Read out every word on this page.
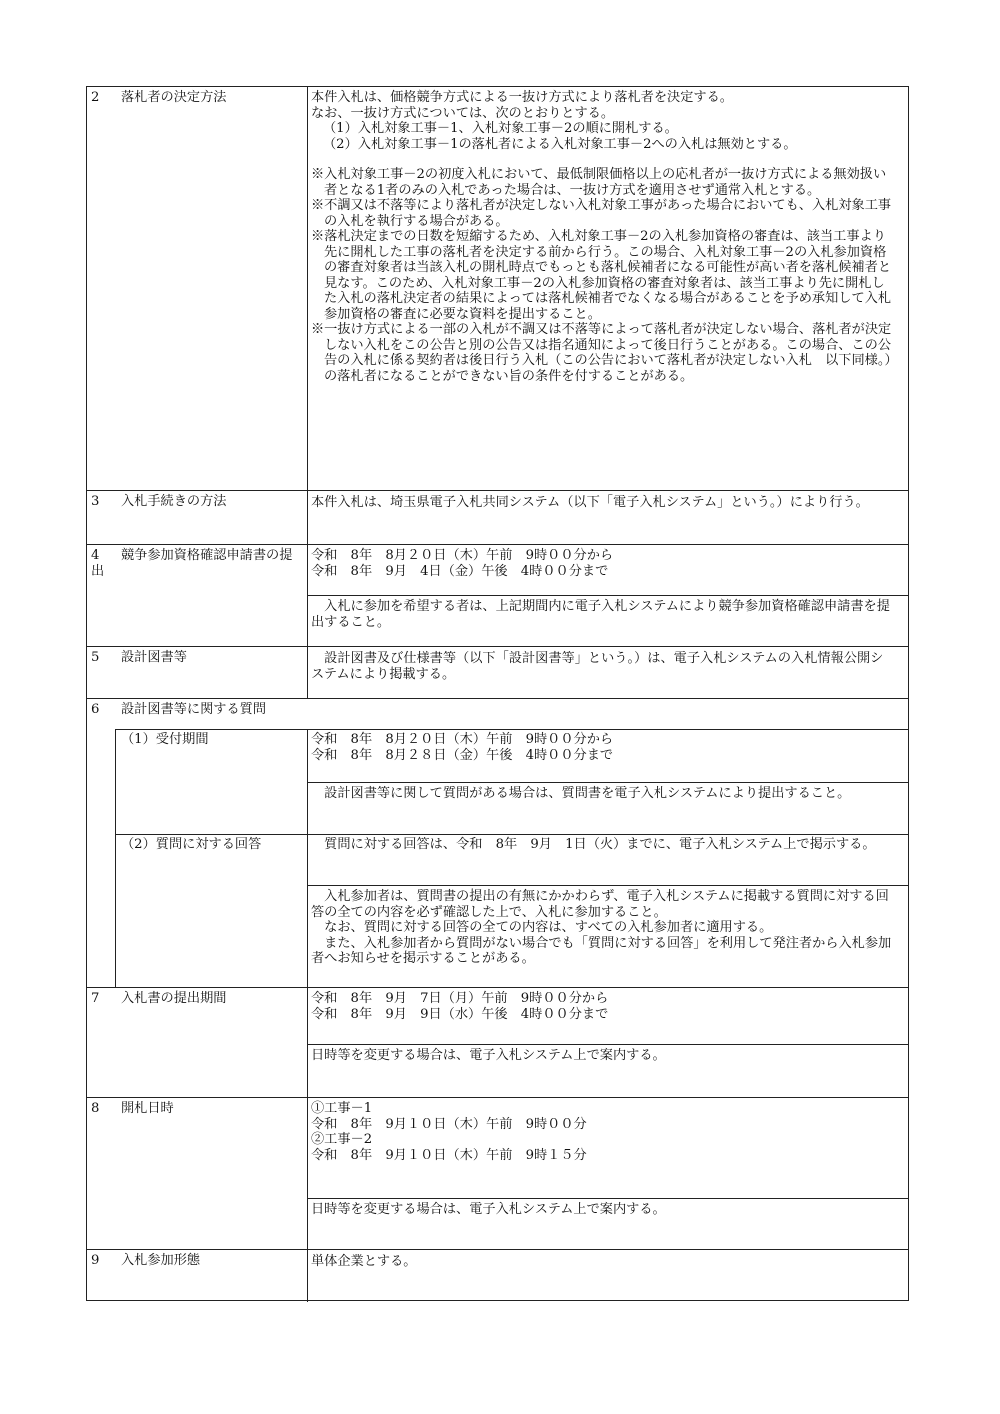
2 落札者の決定方法	本件入札は、価格競争方式による一抜け方式により落札者を決定する。

なお、一抜け方式については、次のとおりとする。

（1）入札対象工事－1、入札対象工事－2の順に開札する。

（2）入札対象工事－1の落札者による入札対象工事－2への入札は無効とする。

※入札対象工事－2の初度入札において、最低制限価格以上の応札者が一抜け方式による無効扱い者となる1者のみの入札であった場合は、一抜け方式を適用させず通常入札とする。

※不調又は不落等により落札者が決定しない入札対象工事があった場合においても、入札対象工事の入札を執行する場合がある。

※落札決定までの日数を短縮するため、入札対象工事－2の入札参加資格の審査は、該当工事より先に開札した工事の落札者を決定する前から行う。この場合、入札対象工事－2の入札参加資格の審査対象者は当該入札の開札時点でもっとも落札候補者になる可能性が高い者を落札候補者と見なす。このため、入札対象工事－2の入札参加資格の審査対象者は、該当工事より先に開札した入札の落札決定者の結果によっては落札候補者でなくなる場合があることを予め承知して入札参加資格の審査に必要な資料を提出すること。

※一抜け方式による一部の入札が不調又は不落等によって落札者が決定しない場合、落札者が決定しない入札をこの公告と別の公告又は指名通知によって後日行うことがある。この場合、この公告の入札に係る契約者は後日行う入札（この公告において落札者が決定しない入札　以下同様。）の落札者になることができない旨の条件を付することがある。

3 入札手続きの方法	本件入札は、埼玉県電子入札共同システム（以下「電子入札システム」という。）により行う。
4 競争参加資格確認申請書の提出

令和　8年　8月２０日（木）午前　9時００分から

令和　8年　9月　4日（金）午後　4時００分まで

　入札に参加を希望する者は、上記期間内に電子入札システムにより競争参加資格確認申請書を提出すること。
5 設計図書等	　設計図書及び仕様書等（以下「設計図書等」という。）は、電子入札システムの入札情報公開システムにより掲載する。
6 設計図書等に関する質問
（1）受付期間	令和　8年　8月２０日（木）午前　9時００分から

令和　8年　8月２８日（金）午後　4時００分まで

　設計図書等に関して質問がある場合は、質問書を電子入札システムにより提出すること。
（2）質問に対する回答	　質問に対する回答は、令和　8年　9月　1日（火）までに、電子入札システム上で掲示する。

　入札参加者は、質問書の提出の有無にかかわらず、電子入札システムに掲載する質問に対する回答の全ての内容を必ず確認した上で、入札に参加すること。

　なお、質問に対する回答の全ての内容は、すべての入札参加者に適用する。

　また、入札参加者から質問がない場合でも「質問に対する回答」を利用して発注者から入札参加者へお知らせを掲示することがある。

7 入札書の提出期間	令和　8年　9月　7日（月）午前　9時００分から

令和　8年　9月　9日（水）午後　4時００分まで

日時等を変更する場合は、電子入札システム上で案内する。
8 開札日時	①工事－1

令和　8年　9月１０日（木）午前　9時００分

②工事－2

令和　8年　9月１０日（木）午前　9時１５分

日時等を変更する場合は、電子入札システム上で案内する。
9 入札参加形態	単体企業とする。
